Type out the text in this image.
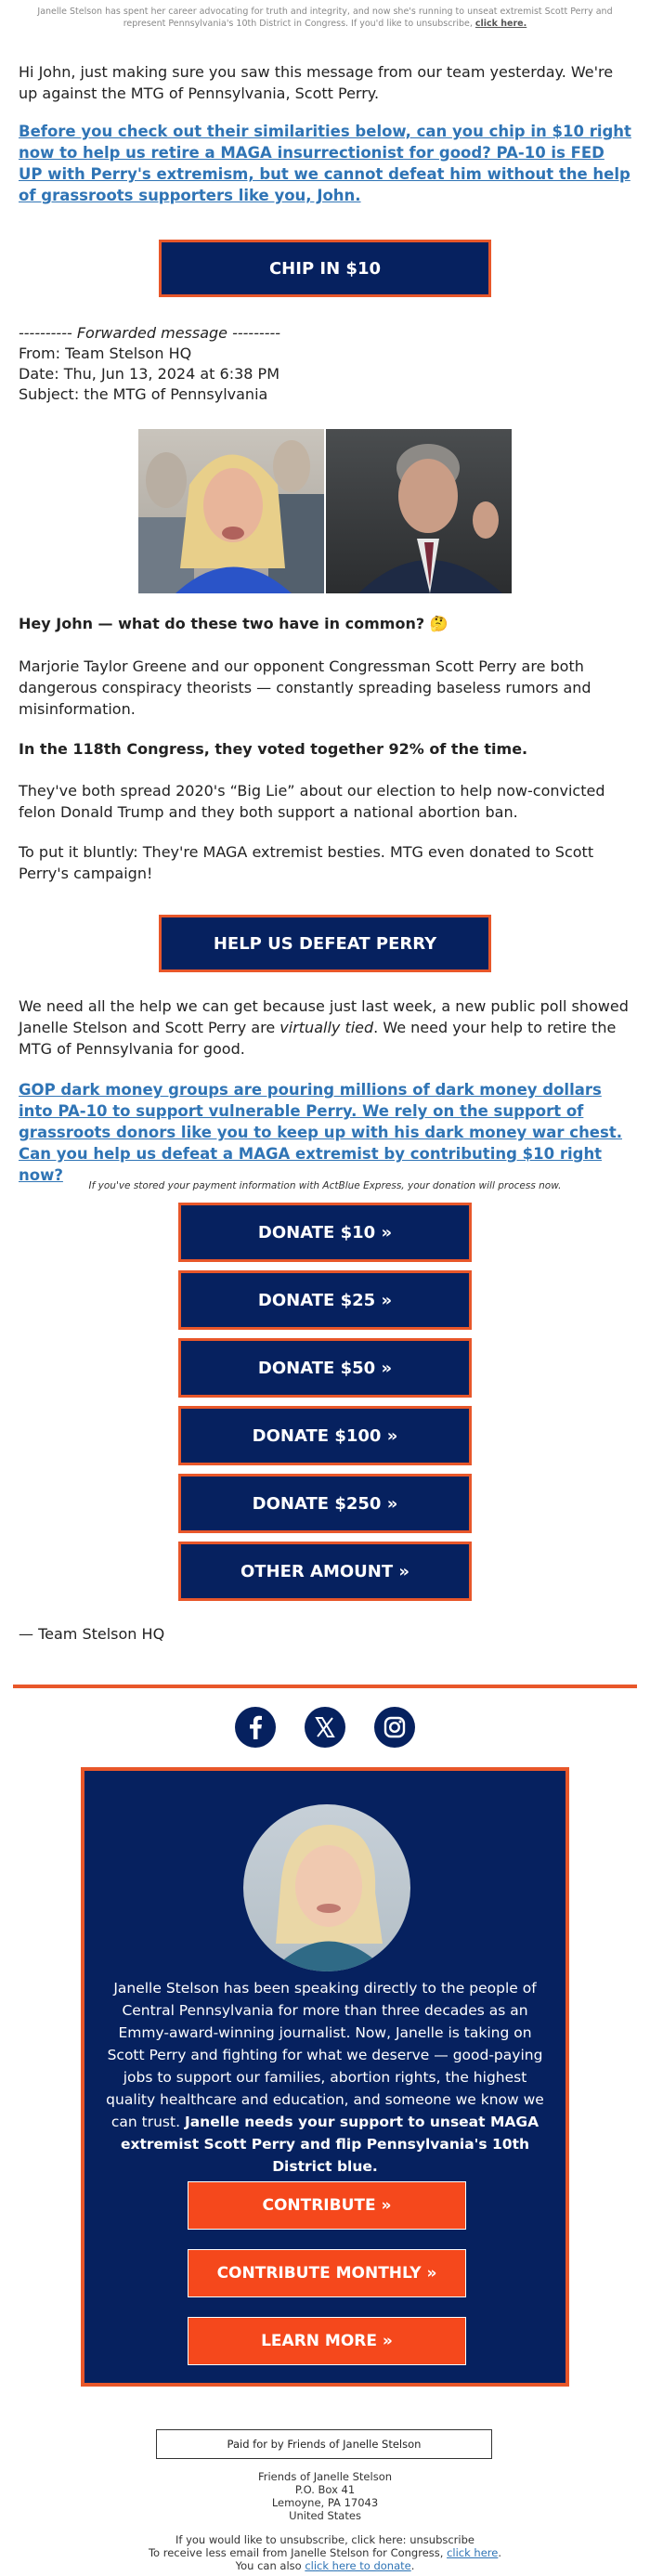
Janelle Stelson has spent her career advocating for truth and integrity, and now she's running to unseat extremist Scott Perry and represent Pennsylvania's 10th District in Congress. If you'd like to unsubscribe, click here.
Hi John, just making sure you saw this message from our team yesterday. We're up against the MTG of Pennsylvania, Scott Perry.
Before you check out their similarities below, can you chip in $10 right now to help us retire a MAGA insurrectionist for good? PA-10 is FED UP with Perry's extremism, but we cannot defeat him without the help of grassroots supporters like you, John.
CHIP IN $10
---------- Forwarded message ---------
From: Team Stelson HQ
Date: Thu, Jun 13, 2024 at 6:38 PM
Subject: the MTG of Pennsylvania
Hey John — what do these two have in common? 🤔
Marjorie Taylor Greene and our opponent Congressman Scott Perry are both dangerous conspiracy theorists — constantly spreading baseless rumors and misinformation.
In the 118th Congress, they voted together 92% of the time.
They've both spread 2020's “Big Lie” about our election to help now-convicted felon Donald Trump and they both support a national abortion ban.
To put it bluntly: They're MAGA extremist besties. MTG even donated to Scott Perry's campaign!
HELP US DEFEAT PERRY
We need all the help we can get because just last week, a new public poll showed Janelle Stelson and Scott Perry are virtually tied. We need your help to retire the MTG of Pennsylvania for good.
GOP dark money groups are pouring millions of dark money dollars into PA-10 to support vulnerable Perry. We rely on the support of grassroots donors like you to keep up with his dark money war chest. Can you help us defeat a MAGA extremist by contributing $10 right now?
If you've stored your payment information with ActBlue Express, your donation will process now.
DONATE $10 »
DONATE $25 »
DONATE $50 »
DONATE $100 »
DONATE $250 »
OTHER AMOUNT »
— Team Stelson HQ
Janelle Stelson has been speaking directly to the people of Central Pennsylvania for more than three decades as an Emmy-award-winning journalist. Now, Janelle is taking on Scott Perry and fighting for what we deserve — good-paying jobs to support our families, abortion rights, the highest quality healthcare and education, and someone we know we can trust. Janelle needs your support to unseat MAGA extremist Scott Perry and flip Pennsylvania's 10th District blue.
CONTRIBUTE »
CONTRIBUTE MONTHLY »
LEARN MORE »
Paid for by Friends of Janelle Stelson
Friends of Janelle Stelson
P.O. Box 41
Lemoyne, PA 17043
United States
If you would like to unsubscribe, click here: unsubscribe
To receive less email from Janelle Stelson for Congress, click here.
You can also click here to donate.
